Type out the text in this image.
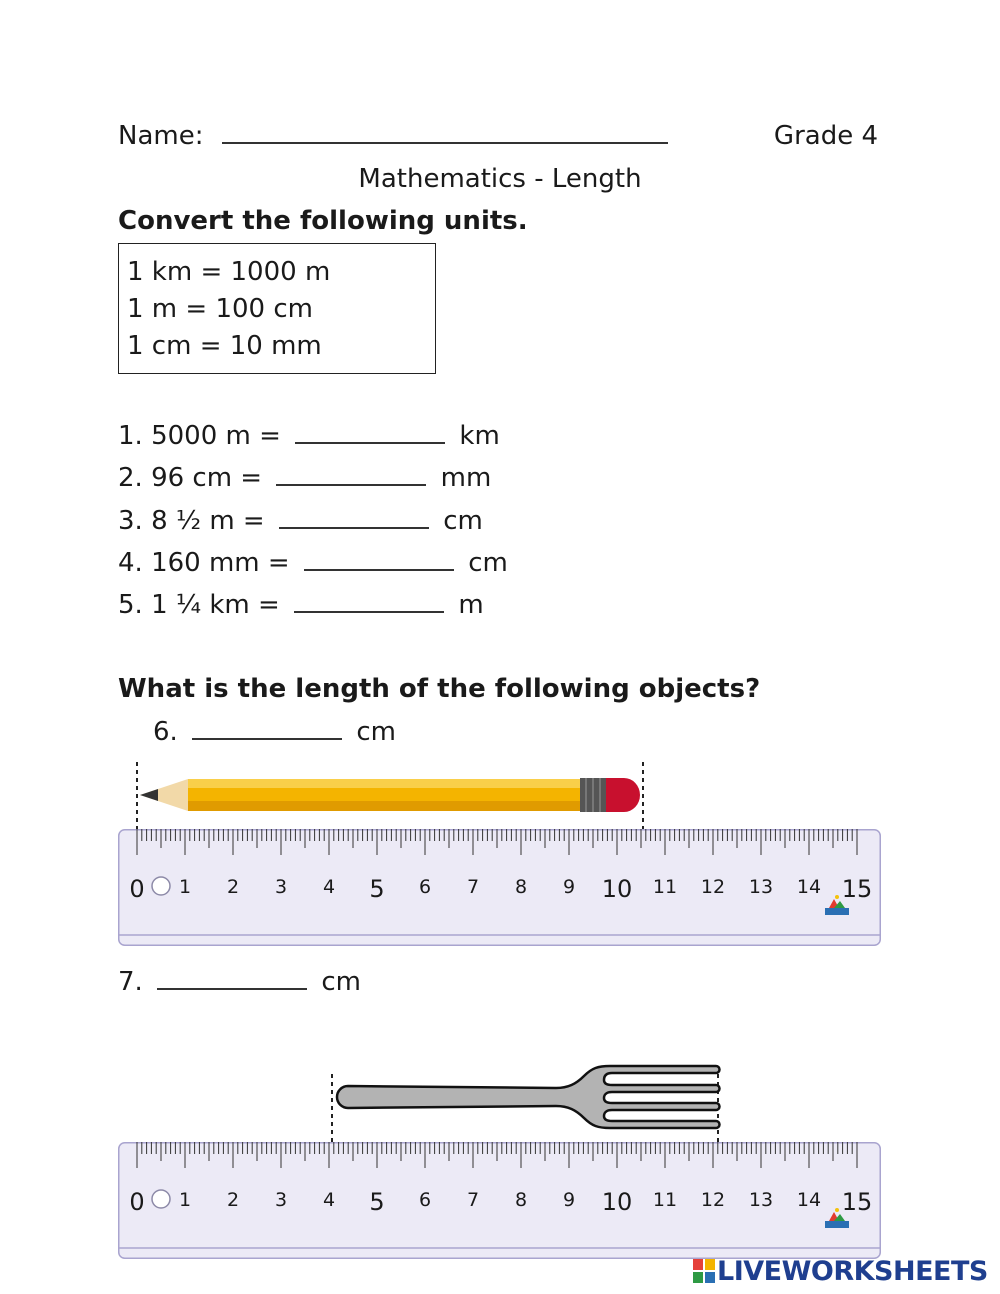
Name:	Grade 4
Mathematics - Length
Convert the following units.
1 km = 1000 m
1 m = 100 cm
1 cm = 10 mm
1. 5000 m =	km
2. 96 cm =	mm
3. 8 ½ m =	cm
4. 160 mm =	cm
5. 1 ¼ km =	m
What is the length of the following objects?
6.	cm
0 1 2 3 4 5 6 7 8 9 10 11 12 13 14 15
7.	cm
0 1 2 3 4 5 6 7 8 9 10 11 12 13 14 15
LIVEWORKSHEETS
